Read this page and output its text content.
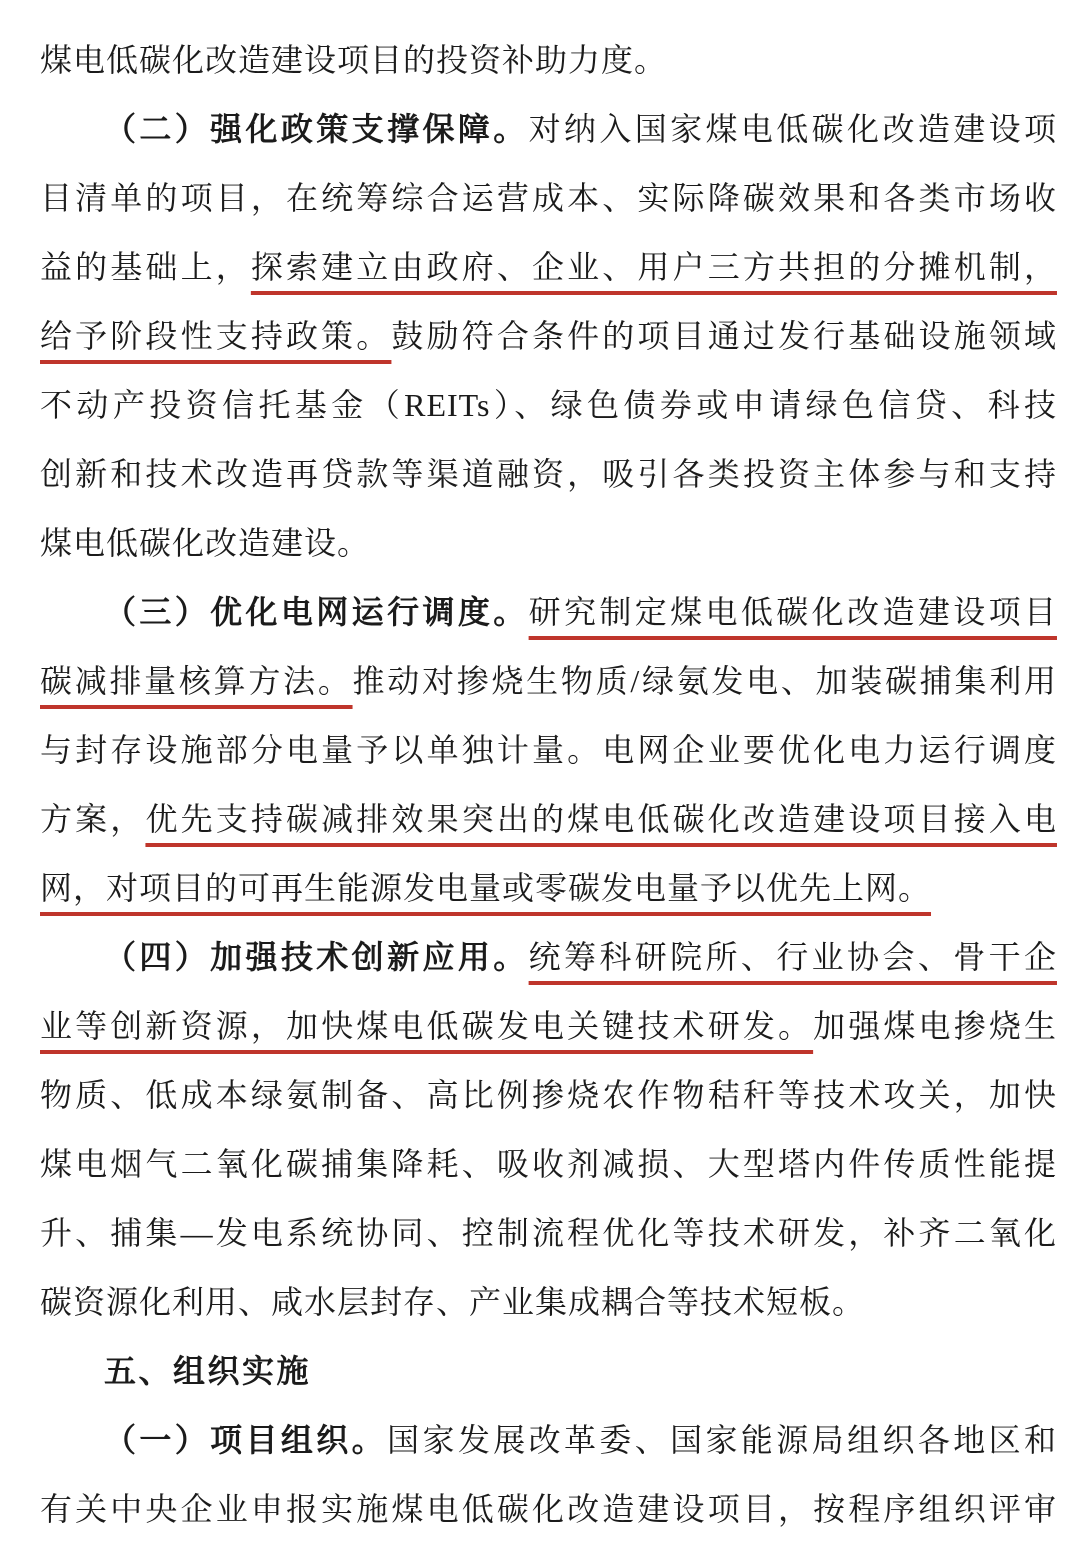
煤电低碳化改造建设项目的投资补助力度。
（二）强化政策支撑保障。对纳入国家煤电低碳化改造建设项
目清单的项目，在统筹综合运营成本、实际降碳效果和各类市场收
益的基础上，探索建立由政府、企业、用户三方共担的分摊机制，
给予阶段性支持政策。鼓励符合条件的项目通过发行基础设施领域
不动产投资信托基金（REITs）、绿色债券或申请绿色信贷、科技
创新和技术改造再贷款等渠道融资，吸引各类投资主体参与和支持
煤电低碳化改造建设。
（三）优化电网运行调度。研究制定煤电低碳化改造建设项目
碳减排量核算方法。推动对掺烧生物质/绿氨发电、加装碳捕集利用
与封存设施部分电量予以单独计量。电网企业要优化电力运行调度
方案，优先支持碳减排效果突出的煤电低碳化改造建设项目接入电
网，对项目的可再生能源发电量或零碳发电量予以优先上网。
（四）加强技术创新应用。统筹科研院所、行业协会、骨干企
业等创新资源，加快煤电低碳发电关键技术研发。加强煤电掺烧生
物质、低成本绿氨制备、高比例掺烧农作物秸秆等技术攻关，加快
煤电烟气二氧化碳捕集降耗、吸收剂减损、大型塔内件传质性能提
升、捕集—发电系统协同、控制流程优化等技术研发，补齐二氧化
碳资源化利用、咸水层封存、产业集成耦合等技术短板。
五、组织实施
（一）项目组织。国家发展改革委、国家能源局组织各地区和
有关中央企业申报实施煤电低碳化改造建设项目，按程序组织评审
